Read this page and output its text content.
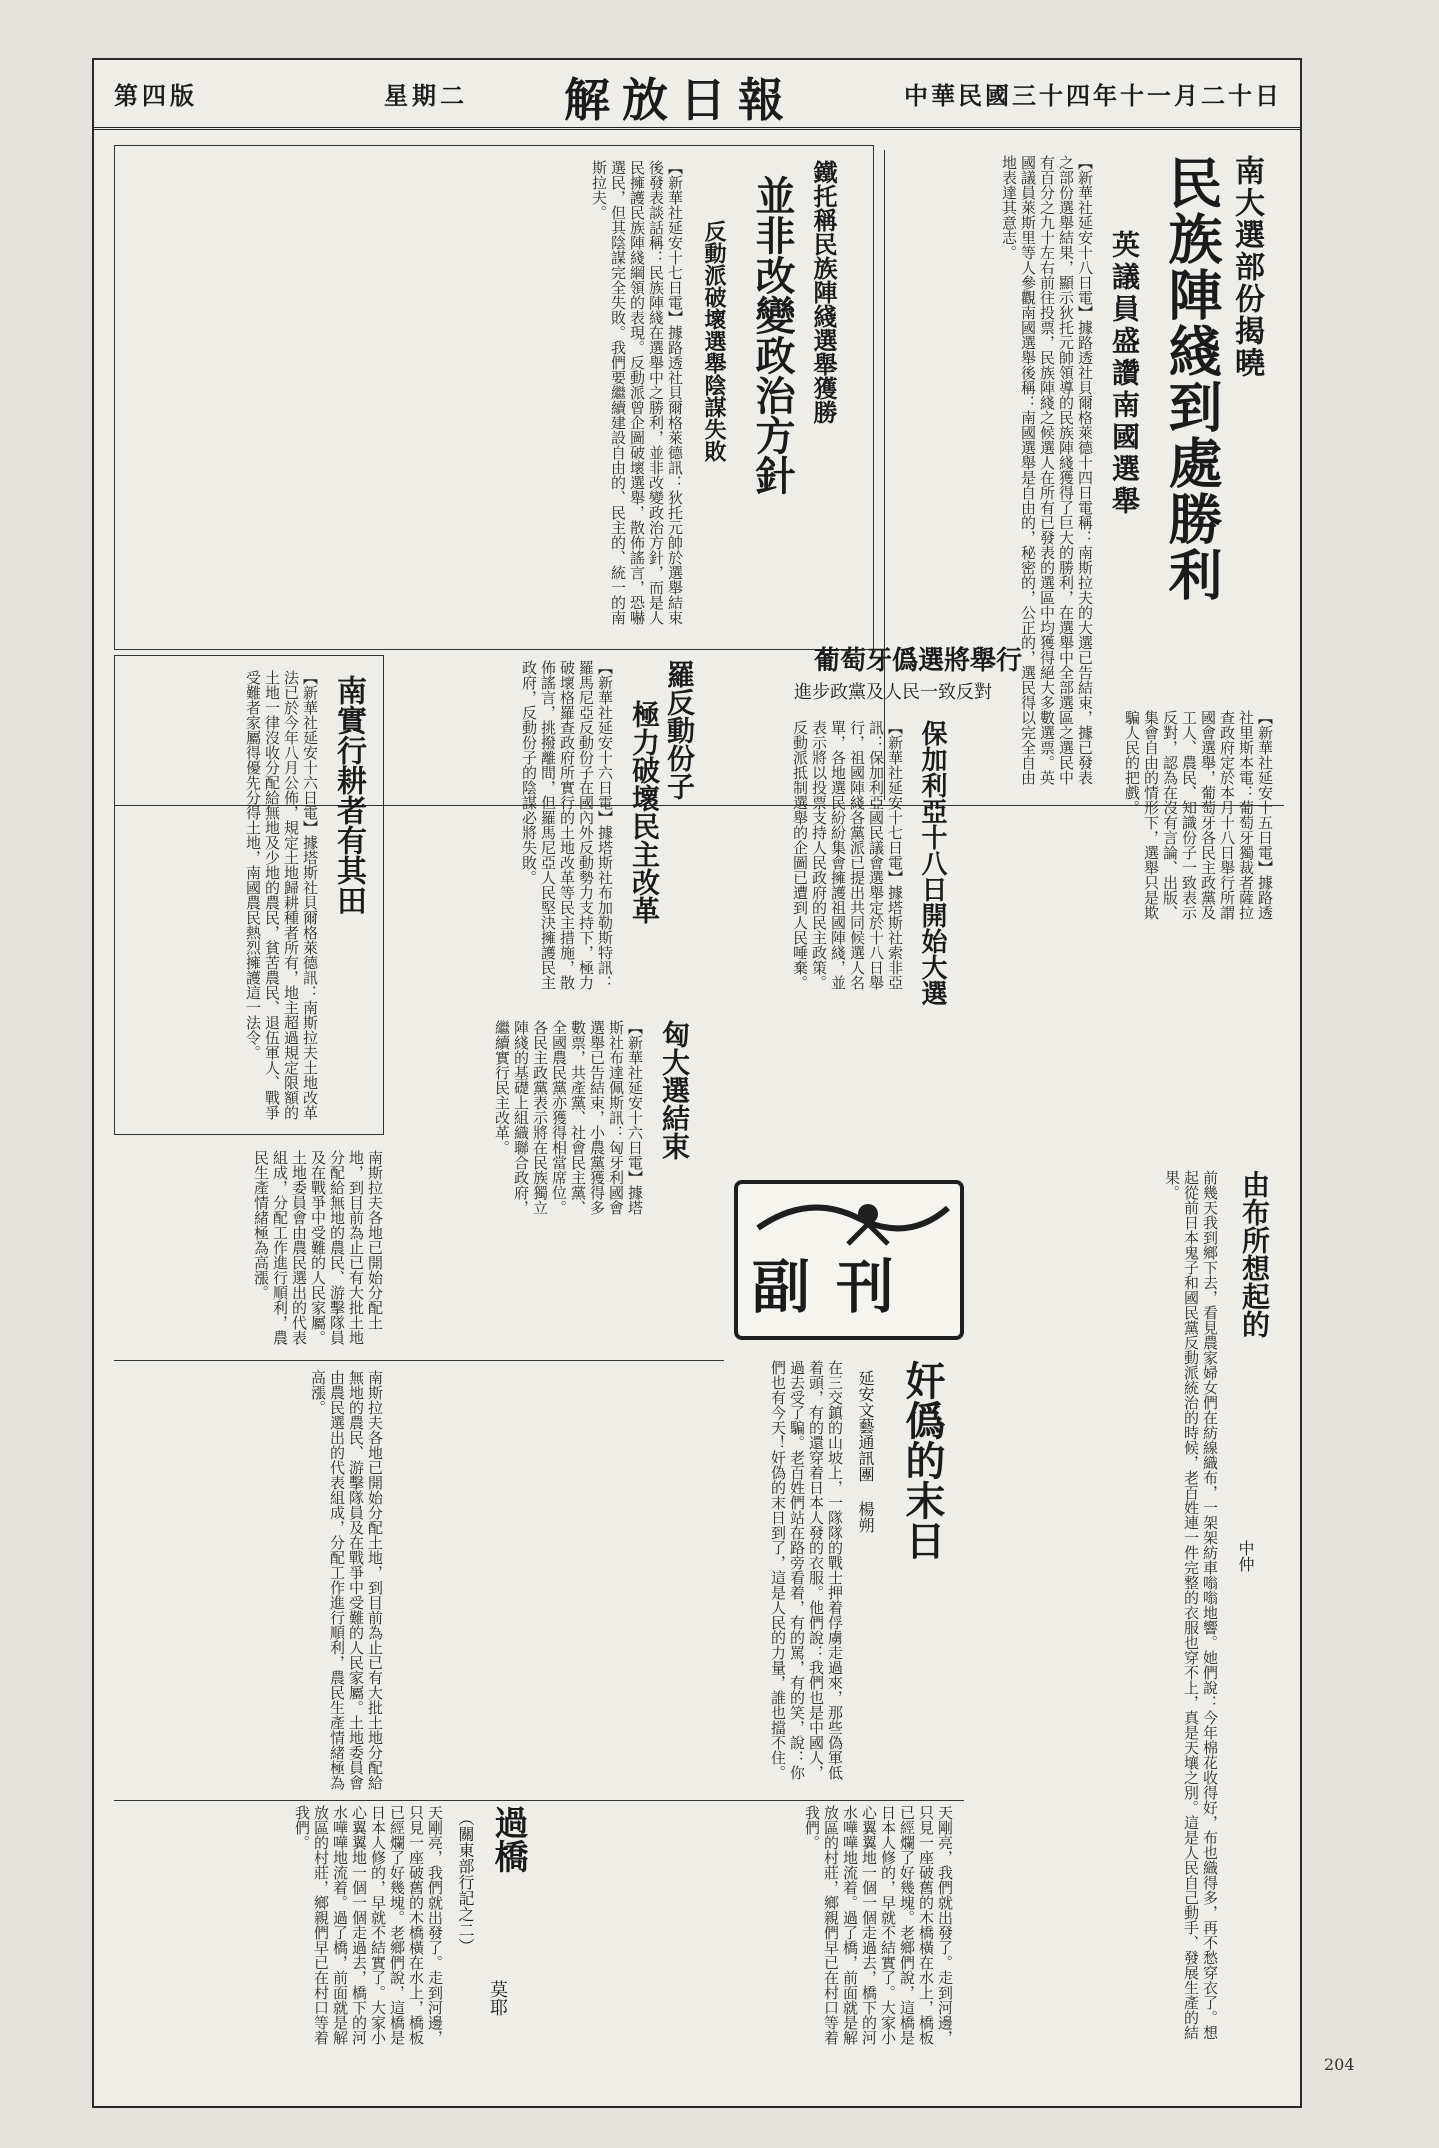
第四版	星期二 解放日報	中華民國三十四年十一月二十日
南大選部份揭曉
民族陣綫到處勝利
英議員盛讚南國選舉
【新華社延安十八日電】據路透社貝爾格萊德十四日電稱：南斯拉夫的大選已告結束，據已發表之部份選舉結果，顯示狄托元帥領導的民族陣綫獲得了巨大的勝利，在選舉中全部選區之選民中有百分之九十左右前往投票，民族陣綫之候選人在所有已發表的選區中均獲得絕大多數選票。英國議員萊斯里等人參觀南國選舉後稱：南國選舉是自由的，秘密的，公正的，選民得以完全自由地表達其意志。
鐵托稱民族陣綫選舉獲勝
並非改變政治方針
反動派破壞選舉陰謀失敗
【新華社延安十七日電】據路透社貝爾格萊德訊：狄托元帥於選舉結束後發表談話稱：民族陣綫在選舉中之勝利，並非改變政治方針，而是人民擁護民族陣綫綱領的表現。反動派曾企圖破壞選舉，散佈謠言，恐嚇選民，但其陰謀完全失敗。我們要繼續建設自由的、民主的、統一的南斯拉夫。
葡萄牙僞選將舉行
進步政黨及人民一致反對
【新華社延安十五日電】據路透社里斯本電：葡萄牙獨裁者薩拉查政府定於本月十八日舉行所謂國會選舉，葡萄牙各民主政黨及工人、農民、知識份子一致表示反對，認為在沒有言論、出版、集會自由的情形下，選舉只是欺騙人民的把戲。
保加利亞十八日開始大選
【新華社延安十七日電】據塔斯社索非亞訊：保加利亞國民議會選舉定於十八日舉行，祖國陣綫各黨派已提出共同候選人名單，各地選民紛紛集會擁護祖國陣綫，並表示將以投票支持人民政府的民主政策。反動派抵制選舉的企圖已遭到人民唾棄。
羅反動份子
極力破壞民主改革
【新華社延安十六日電】據塔斯社布加勒斯特訊：羅馬尼亞反動份子在國內外反動勢力支持下，極力破壞格羅查政府所實行的土地改革等民主措施，散佈謠言，挑撥離間，但羅馬尼亞人民堅決擁護民主政府，反動份子的陰謀必將失敗。
南實行耕者有其田
【新華社延安十六日電】據塔斯社貝爾格萊德訊：南斯拉夫土地改革法已於今年八月公佈，規定土地歸耕種者所有，地主超過規定限額的土地一律沒收分配給無地及少地的農民，貧苦農民、退伍軍人、戰爭受難者家屬得優先分得土地，南國農民熱烈擁護這一法令。
匈大選結束
【新華社延安十六日電】據塔斯社布達佩斯訊：匈牙利國會選舉已告結束，小農黨獲得多數票，共產黨、社會民主黨、全國農民黨亦獲得相當席位。各民主政黨表示將在民族獨立陣綫的基礎上組織聯合政府，繼續實行民主改革。
南斯拉夫各地已開始分配土地，到目前為止已有大批土地分配給無地的農民、游擊隊員及在戰爭中受難的人民家屬。土地委員會由農民選出的代表組成，分配工作進行順利，農民生產情緒極為高漲。	由布所想起的
中仲
前幾天我到鄉下去，看見農家婦女們在紡線織布，一架架紡車嗡嗡地響。她們說：今年棉花收得好，布也織得多，再不愁穿衣了。想起從前日本鬼子和國民黨反動派統治的時候，老百姓連一件完整的衣服也穿不上，真是天壤之別。這是人民自己動手、發展生產的結果。
副刊
奸僞的末日
延安文藝通訊團 楊朔
在三交鎮的山坡上，一隊隊的戰士押着俘虜走過來，那些偽軍低着頭，有的還穿着日本人發的衣服。他們說：我們也是中國人，過去受了騙。老百姓們站在路旁看着，有的罵，有的笑，說：你們也有今天！奸偽的末日到了，這是人民的力量，誰也擋不住。
南斯拉夫各地已開始分配土地，到目前為止已有大批土地分配給無地的農民、游擊隊員及在戰爭中受難的人民家屬。土地委員會由農民選出的代表組成，分配工作進行順利，農民生產情緒極為高漲。
過橋
（關東部行記之二）
莫耶	天剛亮，我們就出發了。走到河邊，只見一座破舊的木橋橫在水上，橋板已經爛了好幾塊。老鄉們說，這橋是日本人修的，早就不結實了。大家小心翼翼地一個一個走過去，橋下的河水嘩嘩地流着。過了橋，前面就是解放區的村莊，鄉親們早已在村口等着我們。
天剛亮，我們就出發了。走到河邊，只見一座破舊的木橋橫在水上，橋板已經爛了好幾塊。老鄉們說，這橋是日本人修的，早就不結實了。大家小心翼翼地一個一個走過去，橋下的河水嘩嘩地流着。過了橋，前面就是解放區的村莊，鄉親們早已在村口等着我們。
204
